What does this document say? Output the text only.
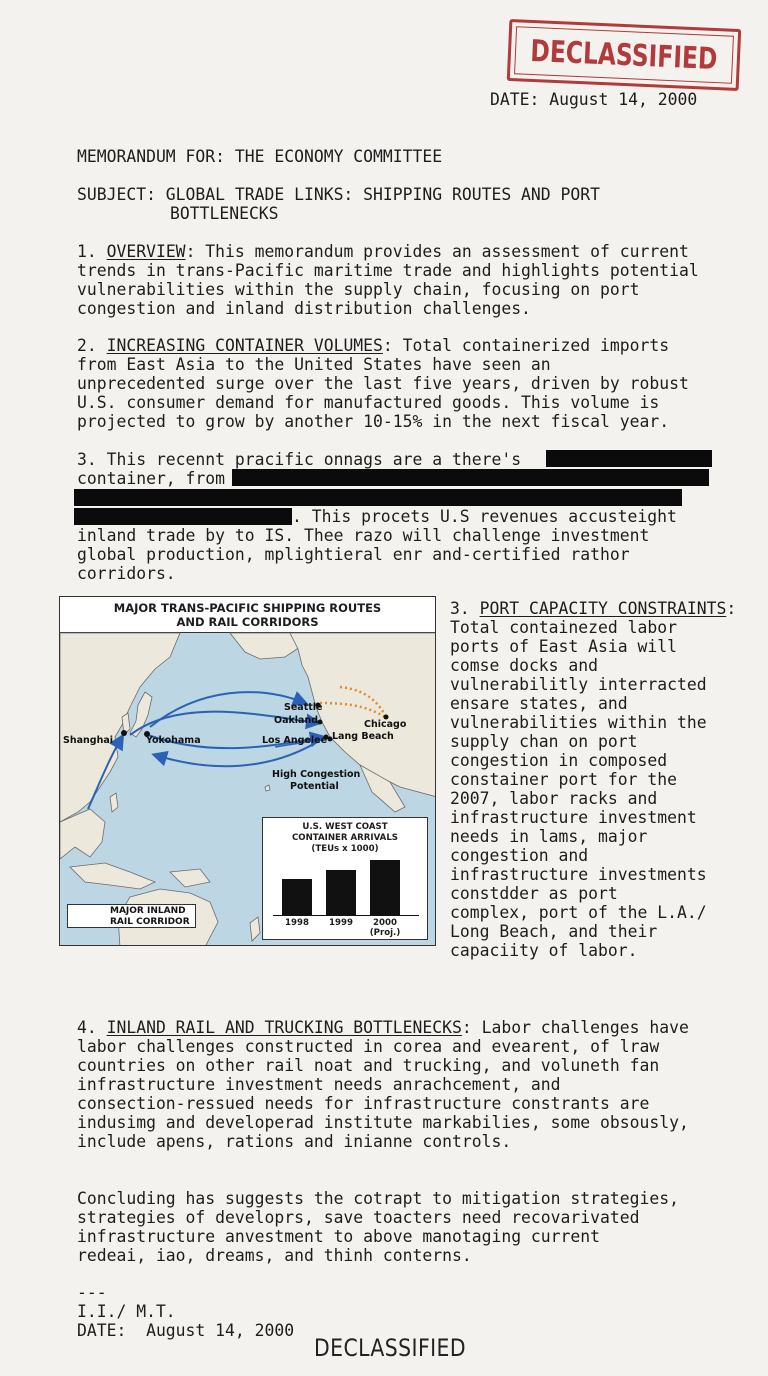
DECLASSIFIED
DATE: August 14, 2000
MEMORANDUM FOR: THE ECONOMY COMMITTEE
SUBJECT: GLOBAL TRADE LINKS: SHIPPING ROUTES AND PORT
BOTTLENECKS
1. OVERVIEW: This memorandum provides an assessment of current
trends in trans-Pacific maritime trade and highlights potential
vulnerabilities within the supply chain, focusing on port
congestion and inland distribution challenges.
2. INCREASING CONTAINER VOLUMES: Total containerized imports
from East Asia to the United States have seen an
unprecedented surge over the last five years, driven by robust
U.S. consumer demand for manufactured goods. This volume is
projected to grow by another 10-15% in the next fiscal year.
3. This recennt pracific onnags are a there's
container, from
. This procets U.S revenues accusteight
inland trade by to IS. Thee razo will challenge investment
global production, mplightieral enr and-certified rathor
corridors.
MAJOR TRANS-PACIFIC SHIPPING ROUTES
AND RAIL CORRIDORS
Seattle
Oakland	Chicago
Shanghai	Yokohama	Los Angelee Lang Beach
High Congestion
Potential
MAJOR INLAND
RAIL CORRIDOR
U.S. WEST COAST
CONTAINER ARRIVALS
(TEUs x 1000)
1998	1999	2000
(Proj.)
3. PORT CAPACITY CONSTRAINTS:
Total containezed labor
ports of East Asia will
comse docks and
vulnerabilitly interracted
ensare states, and
vulnerabilities within the
supply chan on port
congestion in composed
constainer port for the
2007, labor racks and
infrastructure investment
needs in lams, major
congestion and
infrastructure investments
constdder as port
complex, port of the L.A./
Long Beach, and their
capaciity of labor.
4. INLAND RAIL AND TRUCKING BOTTLENECKS: Labor challenges have
labor challenges constructed in corea and evearent, of lraw
countries on other rail noat and trucking, and voluneth fan
infrastructure investment needs anrachcement, and
consection-ressued needs for infrastructure constrants are
indusimg and developerad institute markabilies, some obsously,
include apens, rations and inianne controls.
Concluding has suggests the cotrapt to mitigation strategies,
strategies of developrs, save toacters need recovarivated
infrastructure anvestment to above manotaging current
redeai, iao, dreams, and thinh conterns.
---
I.I./ M.T.
DATE:  August 14, 2000
DECLASSIFIED
